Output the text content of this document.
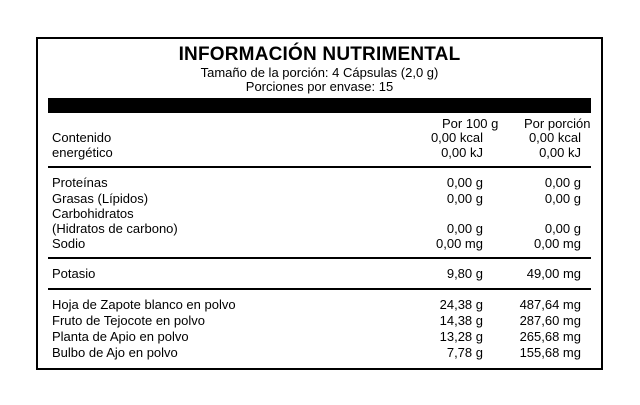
INFORMACIÓN NUTRIMENTAL
Tamaño de la porción: 4 Cápsulas (2,0 g)
Porciones por envase: 15
Por 100 g Por porción
Contenido
energético
0,00 kcal	0,00 kcal
0,00 kJ	0,00 kJ
Proteínas	0,00 g	0,00 g
Grasas (Lípidos)	0,00 g	0,00 g
Carbohidratos
(Hidratos de carbono)	0,00 g	0,00 g
Sodio	0,00 mg	0,00 mg
Potasio	9,80 g	49,00 mg
Hoja de Zapote blanco en polvo	24,38 g	487,64 mg
Fruto de Tejocote en polvo	14,38 g	287,60 mg
Planta de Apio en polvo	13,28 g	265,68 mg
Bulbo de Ajo en polvo	7,78 g	155,68 mg
